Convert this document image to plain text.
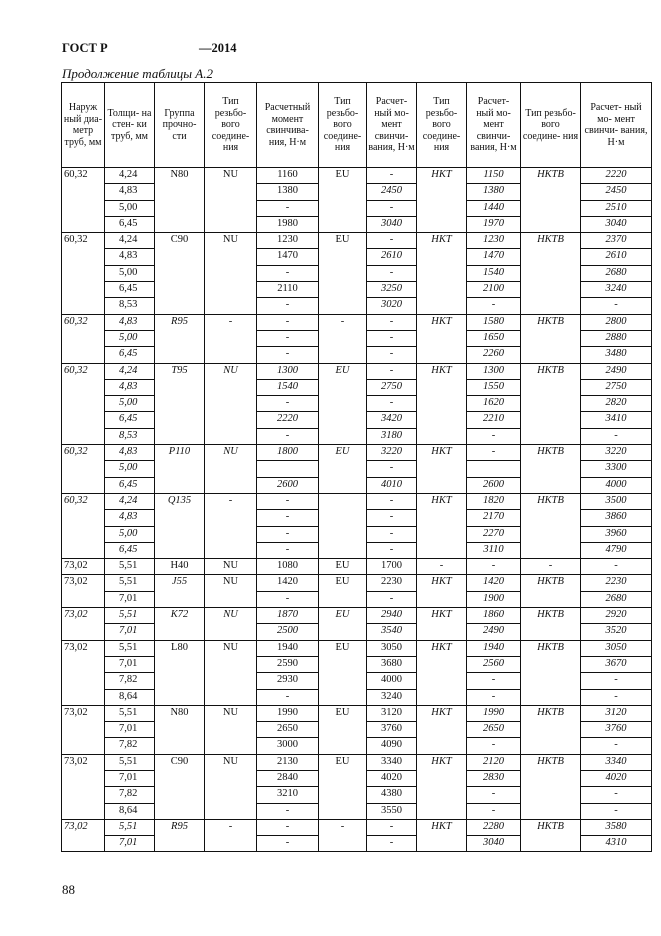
ГОСТ Р	—2014
Продолжение таблицы А.2
Наруж ный диа- метр труб, мм	Толщи- на стен- ки труб, мм	Группа прочно- сти	Тип резьбо- вого соедине- ния	Расчетный момент свинчива- ния, Н·м	Тип резьбо- вого соедине- ния	Расчет- ный мо- мент свинчи- вания, Н·м	Тип резьбо- вого соедине- ния	Расчет- ный мо- мент свинчи- вания, Н·м	Тип резьбо- вого соедине- ния	Расчет- ный мо- мент свинчи- вания, Н·м
60,32	4,24	N80	NU	1160	EU	-	НКТ	1150	НКТВ	2220
	4,83			1380		2450		1380		2450
	5,00			-		-		1440		2510
	6,45			1980		3040		1970		3040
60,32	4,24	C90	NU	1230	EU	-	НКТ	1230	НКТВ	2370
	4,83			1470		2610		1470		2610
	5,00			-		-		1540		2680
	6,45			2110		3250		2100		3240
	8,53			-		3020		-		-
60,32	4,83	R95	-	-	-	-	НКТ	1580	НКТВ	2800
	5,00			-		-		1650		2880
	6,45			-		-		2260		3480
60,32	4,24	T95	NU	1300	EU	-	НКТ	1300	НКТВ	2490
	4,83			1540		2750		1550		2750
	5,00			-		-		1620		2820
	6,45			2220		3420		2210		3410
	8,53			-		3180		-		-
60,32	4,83	P110	NU	1800	EU	3220	НКТ	-	НКТВ	3220
	5,00					-				3300
	6,45			2600		4010		2600		4000
60,32	4,24	Q135	-	-		-	НКТ	1820	НКТВ	3500
	4,83			-		-		2170		3860
	5,00			-		-		2270		3960
	6,45			-		-		3110		4790
73,02	5,51	H40	NU	1080	EU	1700	-	-	-	-
73,02	5,51	J55	NU	1420	EU	2230	НКТ	1420	НКТВ	2230
	7,01			-		-		1900		2680
73,02	5,51	K72	NU	1870	EU	2940	НКТ	1860	НКТВ	2920
	7,01			2500		3540		2490		3520
73,02	5,51	L80	NU	1940	EU	3050	НКТ	1940	НКТВ	3050
	7,01			2590		3680		2560		3670
	7,82			2930		4000		-		-
	8,64			-		3240		-		-
73,02	5,51	N80	NU	1990	EU	3120	НКТ	1990	НКТВ	3120
	7,01			2650		3760		2650		3760
	7,82			3000		4090		-		-
73,02	5,51	C90	NU	2130	EU	3340	НКТ	2120	НКТВ	3340
	7,01			2840		4020		2830		4020
	7,82			3210		4380		-		-
	8,64			-		3550		-		-
73,02	5,51	R95	-	-	-	-	НКТ	2280	НКТВ	3580
	7,01			-		-		3040		4310
88
